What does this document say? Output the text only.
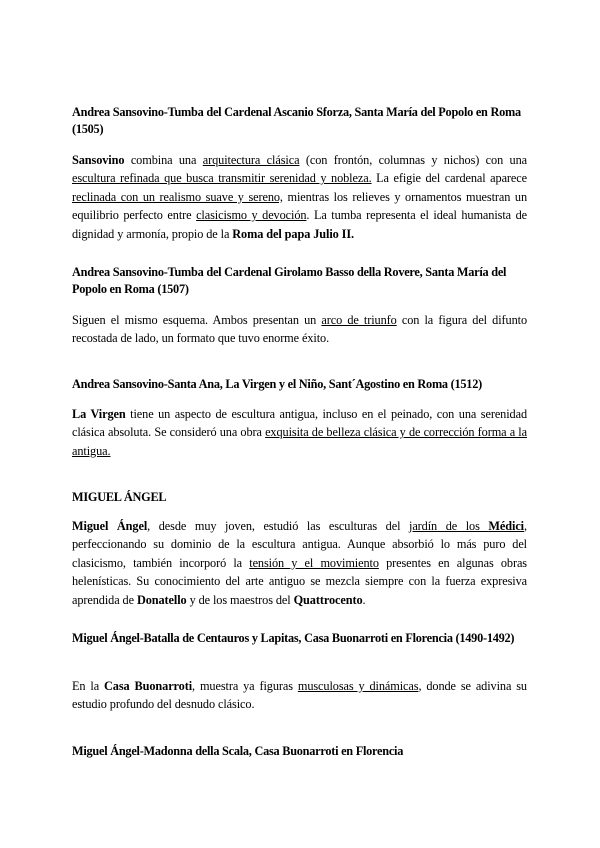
Andrea Sansovino-Tumba del Cardenal Ascanio Sforza, Santa María del Popolo en Roma (1505)
Sansovino combina una arquitectura clásica (con frontón, columnas y nichos) con una escultura refinada que busca transmitir serenidad y nobleza. La efigie del cardenal aparece reclinada con un realismo suave y sereno, mientras los relieves y ornamentos muestran un equilibrio perfecto entre clasicismo y devoción. La tumba representa el ideal humanista de dignidad y armonía, propio de la Roma del papa Julio II.
Andrea Sansovino-Tumba del Cardenal Girolamo Basso della Rovere, Santa María del Popolo en Roma (1507)
Siguen el mismo esquema. Ambos presentan un arco de triunfo con la figura del difunto recostada de lado, un formato que tuvo enorme éxito.
Andrea Sansovino-Santa Ana, La Virgen y el Niño, Sant´Agostino en Roma (1512)
La Virgen tiene un aspecto de escultura antigua, incluso en el peinado, con una serenidad clásica absoluta. Se consideró una obra exquisita de belleza clásica y de corrección forma a la antigua.
MIGUEL ÁNGEL
Miguel Ángel, desde muy joven, estudió las esculturas del jardín de los Médici, perfeccionando su dominio de la escultura antigua. Aunque absorbió lo más puro del clasicismo, también incorporó la tensión y el movimiento presentes en algunas obras helenísticas. Su conocimiento del arte antiguo se mezcla siempre con la fuerza expresiva aprendida de Donatello y de los maestros del Quattrocento.
Miguel Ángel-Batalla de Centauros y Lapitas, Casa Buonarroti en Florencia (1490-1492)
En la Casa Buonarroti, muestra ya figuras musculosas y dinámicas, donde se adivina su estudio profundo del desnudo clásico.
Miguel Ángel-Madonna della Scala, Casa Buonarroti en Florencia
